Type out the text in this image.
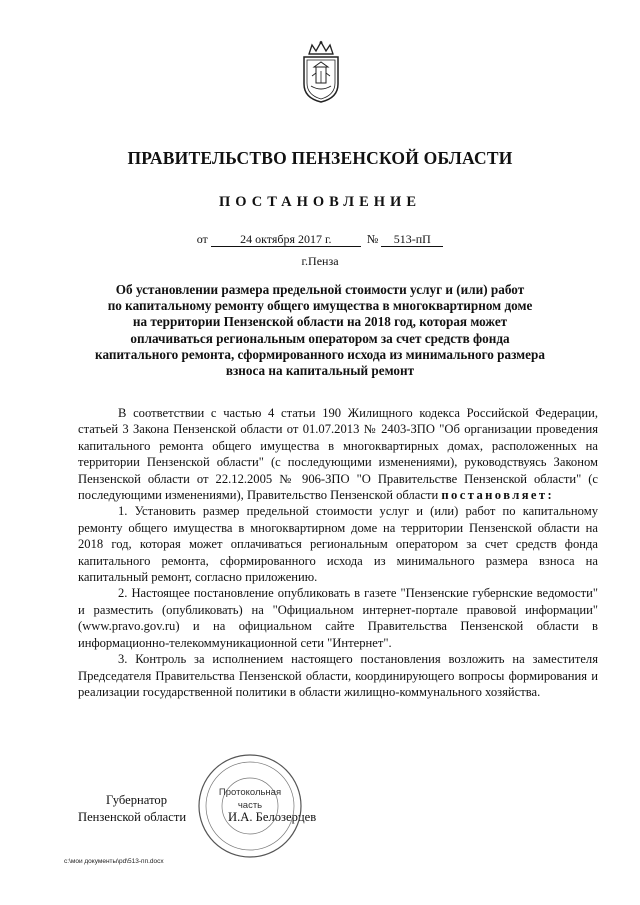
ПРАВИТЕЛЬСТВО ПЕНЗЕНСКОЙ ОБЛАСТИ
ПОСТАНОВЛЕНИЕ
от	24 октября 2017 г.	№ 513-пП
г.Пенза
Об установлении размера предельной стоимости услуг и (или) работ
по капитальному ремонту общего имущества в многоквартирном доме
на территории Пензенской области на 2018 год, которая может
оплачиваться региональным оператором за счет средств фонда
капитального ремонта, сформированного исхода из минимального размера
взноса на капитальный ремонт

В соответствии с частью 4 статьи 190 Жилищного кодекса Российской Федерации, статьей 3 Закона Пензенской области от 01.07.2013 № 2403-ЗПО "Об организации проведения капитального ремонта общего имущества в многоквартирных домах, расположенных на территории Пензенской области" (с последующими изменениями), руководствуясь Законом Пензенской области от 22.12.2005 № 906-ЗПО "О Правительстве Пензенской области" (с последующими изменениями), Правительство Пензенской области постановляет:

1. Установить размер предельной стоимости услуг и (или) работ по капитальному ремонту общего имущества в многоквартирном доме на территории Пензенской области на 2018 год, которая может оплачиваться региональным оператором за счет средств фонда капитального ремонта, сформированного исхода из минимального размера взноса на капитальный ремонт, согласно приложению.

2. Настоящее постановление опубликовать в газете "Пензенские губернские ведомости" и разместить (опубликовать) на "Официальном интернет-портале правовой информации" (www.pravo.gov.ru) и на официальном сайте Правительства Пензенской области в информационно-телекоммуникационной сети "Интернет".

3. Контроль за исполнением настоящего постановления возложить на заместителя Председателя Правительства Пензенской области, координирующего вопросы формирования и реализации государственной политики в области жилищно-коммунального хозяйства.

Губернатор
Пензенской области	И.А. Белозерцев
Протокольная
часть
c:\мои документы\pd\513-пп.docx
